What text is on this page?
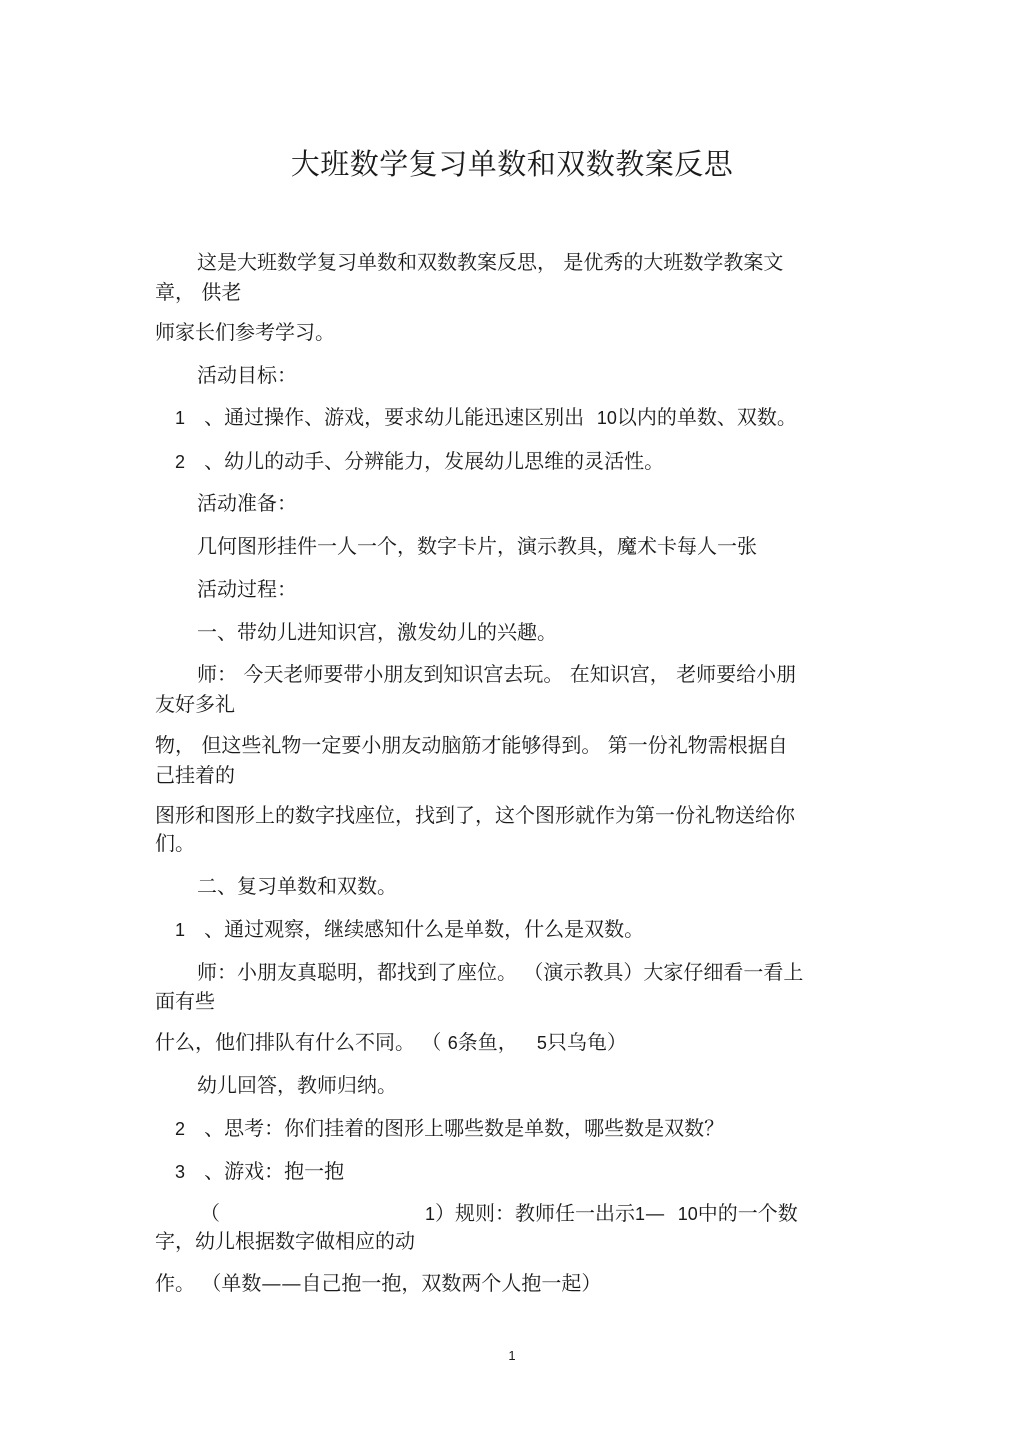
大班数学复习单数和双数教案反思
这是大班数学复习单数和双数教案反思， 是优秀的大班数学教案文
章， 供老
师家长们参考学习。
活动目标：
1 、通过操作、游戏，要求幼儿能迅速区别出 10以内的单数、双数。
2 、幼儿的动手、分辨能力，发展幼儿思维的灵活性。
活动准备：
几何图形挂件一人一个，数字卡片，演示教具，魔术卡每人一张
活动过程：
一、带幼儿进知识宫，激发幼儿的兴趣。
师： 今天老师要带小朋友到知识宫去玩。 在知识宫， 老师要给小朋
友好多礼
物， 但这些礼物一定要小朋友动脑筋才能够得到。 第一份礼物需根据自
己挂着的
图形和图形上的数字找座位，找到了，这个图形就作为第一份礼物送给你
们。
二、复习单数和双数。
1 、通过观察，继续感知什么是单数，什么是双数。
师：小朋友真聪明，都找到了座位。 （演示教具）大家仔细看一看上
面有些
什么，他们排队有什么不同。 （ 6条鱼， 5只乌龟）
幼儿回答，教师归纳。
2 、思考：你们挂着的图形上哪些数是单数，哪些数是双数？
3 、游戏：抱一抱
（	1）规则：教师任一出示1— 10中的一个数
字，幼儿根据数字做相应的动
作。 （单数——自己抱一抱，双数两个人抱一起）
1
